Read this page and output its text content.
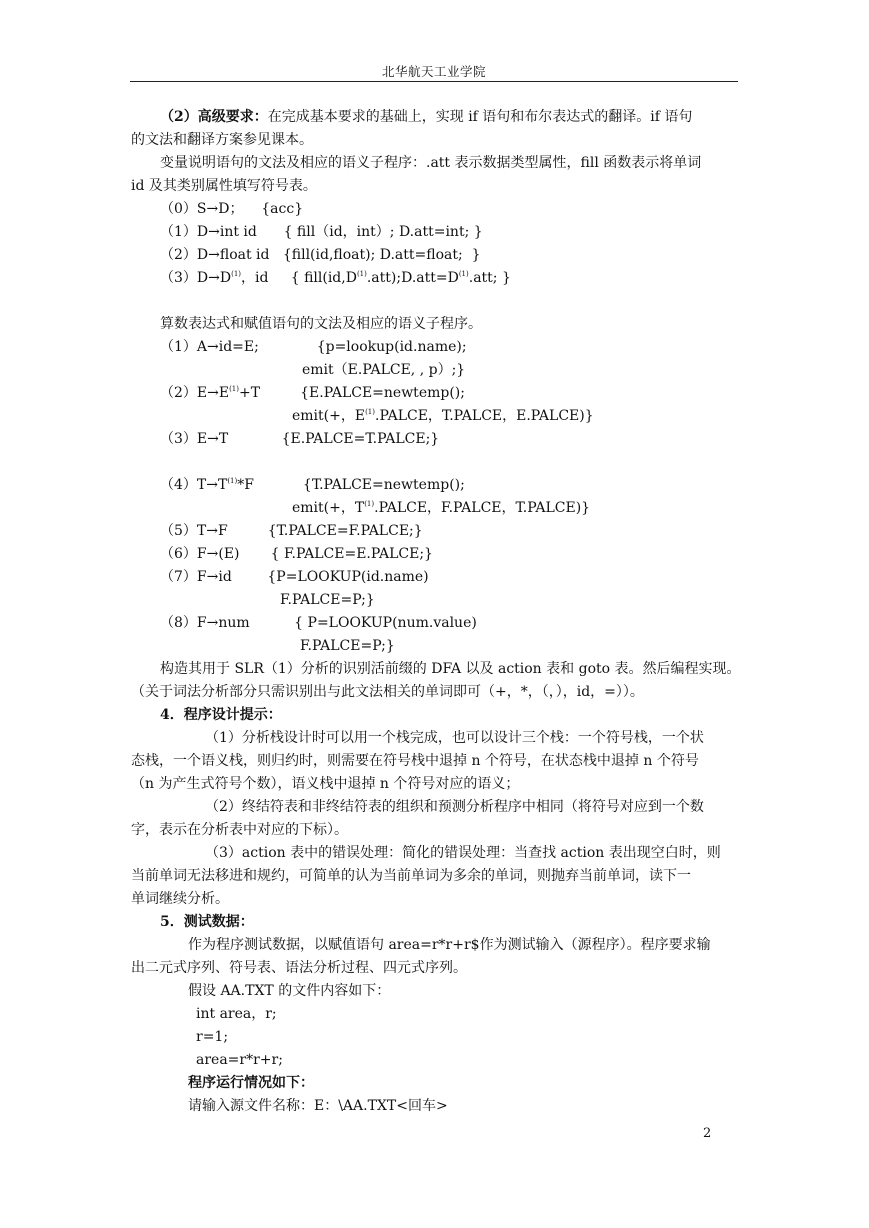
北华航天工业学院
（2）高级要求：在完成基本要求的基础上，实现 if 语句和布尔表达式的翻译。if 语句
的文法和翻译方案参见课本。
变量说明语句的文法及相应的语义子程序：.att 表示数据类型属性，fill 函数表示将单词
id 及其类别属性填写符号表。
（0）S→D；    {acc}
（1）D→int id      { fill（id，int）; D.att=int; }
（2）D→float id   {fill(id,float); D.att=float;  }
$(3)D\to D^{(1)}$，id     { $fill(id,D^{(1)}.att);D.att=D^{(1)}.att$; }
算数表达式和赋值语句的文法及相应的语义子程序。
（1）A→id=E;             {p=lookup(id.name);
emit（E.PALCE, , p）;}
$(2)E\to E^{(1)}+T$         {E.PALCE=newtemp();
emit(+，$E^{(1)}.PALCE$，T.PALCE，E.PALCE)}
（3）E→T            {E.PALCE=T.PALCE;}
$(4)T\to T^{(1)}*F$           {T.PALCE=newtemp();
emit(+，$T^{(1)}.PALCE$，F.PALCE，T.PALCE)}
（5）T→F         {T.PALCE=F.PALCE;}
（6）F→(E)       { F.PALCE=E.PALCE;}
（7）F→id        {P=LOOKUP(id.name)
F.PALCE=P;}
（8）F→num          { P=LOOKUP(num.value)
F.PALCE=P;}
构造其用于 SLR（1）分析的识别活前缀的 DFA 以及 action 表和 goto 表。然后编程实现。
（关于词法分析部分只需识别出与此文法相关的单词即可（+，*，（，），id，=））。
4．程序设计提示：
（1）分析栈设计时可以用一个栈完成，也可以设计三个栈：一个符号栈，一个状
态栈，一个语义栈，则归约时，则需要在符号栈中退掉 n 个符号，在状态栈中退掉 n 个符号
（n 为产生式符号个数），语义栈中退掉 n 个符号对应的语义；
（2）终结符表和非终结符表的组织和预测分析程序中相同（将符号对应到一个数
字，表示在分析表中对应的下标）。
（3）action 表中的错误处理：简化的错误处理：当查找 action 表出现空白时，则
当前单词无法移进和规约，可简单的认为当前单词为多余的单词，则抛弃当前单词，读下一
单词继续分析。
5．测试数据：
作为程序测试数据，以赋值语句 area=r*r+r$作为测试输入（源程序）。程序要求输
出二元式序列、符号表、语法分析过程、四元式序列。
假设 AA.TXT 的文件内容如下：
int area，r;
r=1;
area=r*r+r;
程序运行情况如下：
请输入源文件名称：E：\AA.TXT<回车>
2
